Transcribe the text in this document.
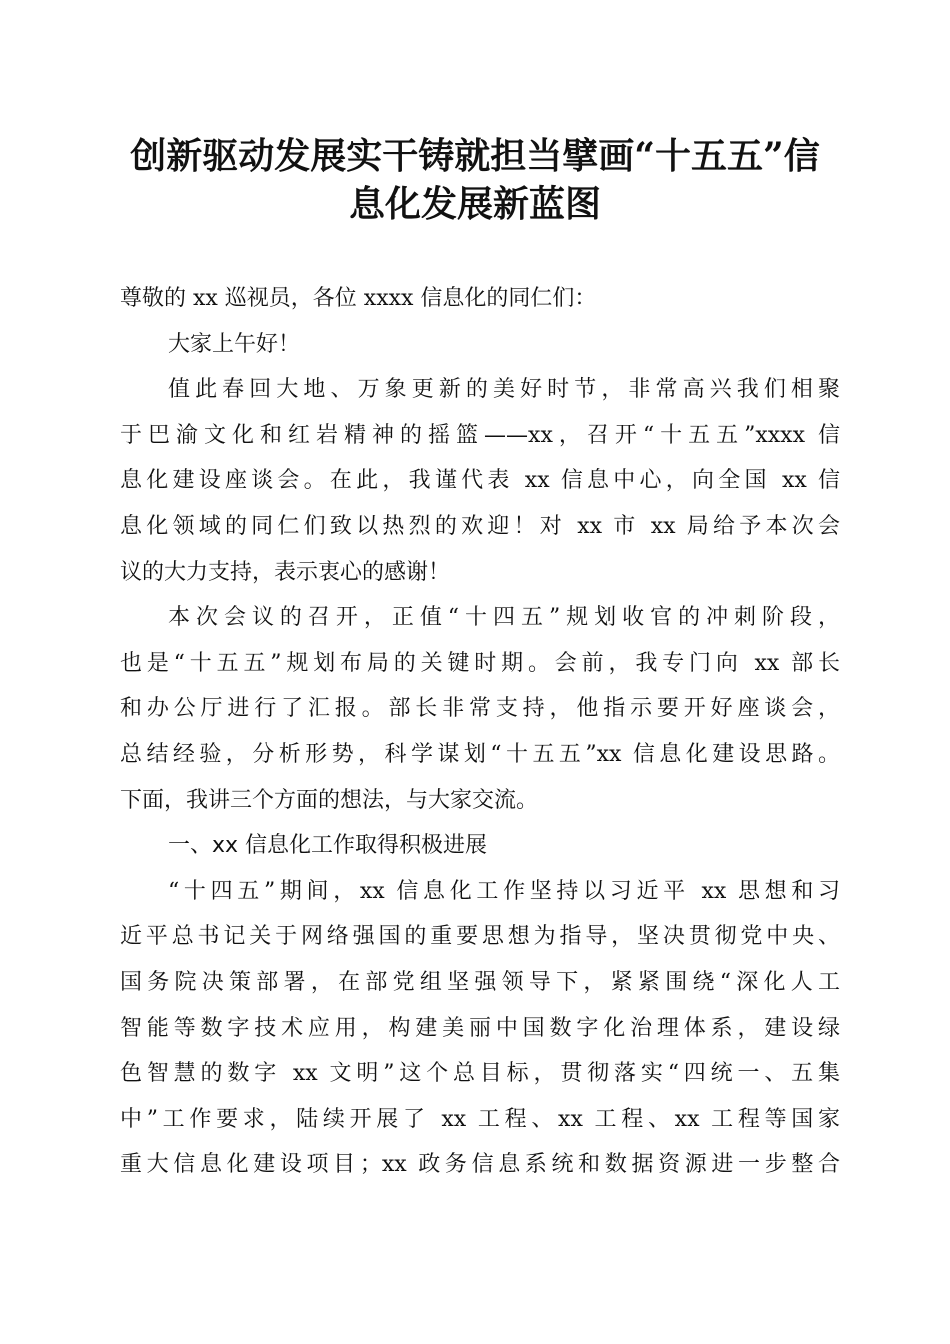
创新驱动发展实干铸就担当擘画“十五五”信
息化发展新蓝图
尊敬的 xx 巡视员，各位 xxxx 信息化的同仁们：
大家上午好！
值此春回大地、万象更新的美好时节，非常高兴我们相聚
于巴渝文化和红岩精神的摇篮——xx，召开“十五五”xxxx 信
息化建设座谈会。在此，我谨代表 xx 信息中心，向全国 xx 信
息化领域的同仁们致以热烈的欢迎！对 xx 市 xx 局给予本次会
议的大力支持，表示衷心的感谢！
本次会议的召开，正值“十四五”规划收官的冲刺阶段，
也是“十五五”规划布局的关键时期。会前，我专门向 xx 部长
和办公厅进行了汇报。部长非常支持，他指示要开好座谈会，
总结经验，分析形势，科学谋划“十五五”xx 信息化建设思路。
下面，我讲三个方面的想法，与大家交流。
一、xx 信息化工作取得积极进展
“十四五”期间，xx 信息化工作坚持以习近平 xx 思想和习
近平总书记关于网络强国的重要思想为指导，坚决贯彻党中央、
国务院决策部署，在部党组坚强领导下，紧紧围绕“深化人工
智能等数字技术应用，构建美丽中国数字化治理体系，建设绿
色智慧的数字 xx 文明”这个总目标，贯彻落实“四统一、五集
中”工作要求，陆续开展了 xx 工程、xx 工程、xx 工程等国家
重大信息化建设项目；xx 政务信息系统和数据资源进一步整合
